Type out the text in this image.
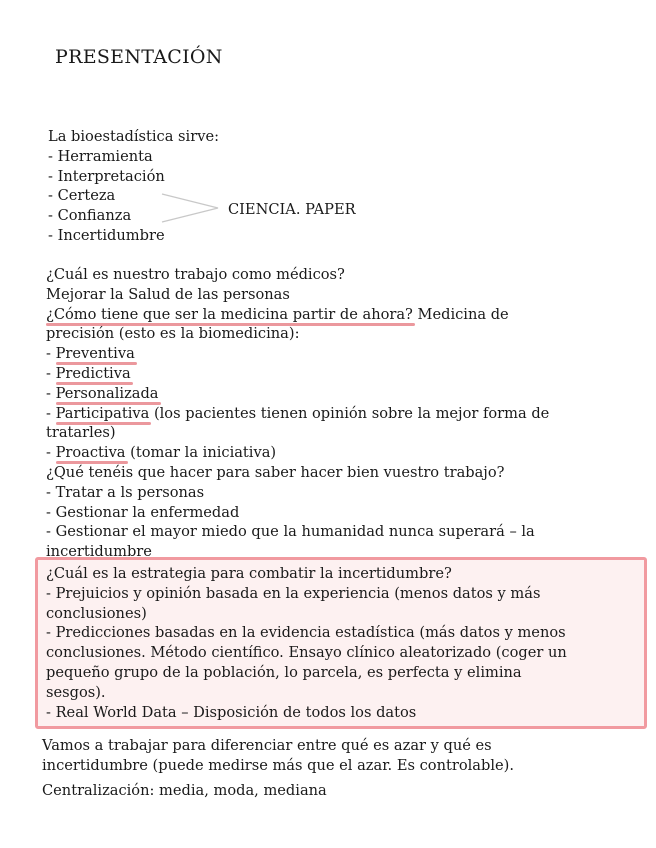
PRESENTACIÓN
La bioestadística sirve:
- Herramienta
- Interpretación
- Certeza
- Confianza
- Incertidumbre
CIENCIA. PAPER
¿Cuál es nuestro trabajo como médicos?
Mejorar la Salud de las personas
¿Cómo tiene que ser la medicina partir de ahora? Medicina de
precisión (esto es la biomedicina):
- Preventiva
- Predictiva
- Personalizada
- Participativa (los pacientes tienen opinión sobre la mejor forma de
tratarles)
- Proactiva (tomar la iniciativa)
¿Qué tenéis que hacer para saber hacer bien vuestro trabajo?
- Tratar a ls personas
- Gestionar la enfermedad
- Gestionar el mayor miedo que la humanidad nunca superará – la
incertidumbre
¿Cuál es la estrategia para combatir la incertidumbre?
- Prejuicios y opinión basada en la experiencia (menos datos y más
conclusiones)
- Predicciones basadas en la evidencia estadística (más datos y menos
conclusiones. Método científico. Ensayo clínico aleatorizado (coger un
pequeño grupo de la población, lo parcela, es perfecta y elimina
sesgos).
- Real World Data – Disposición de todos los datos
Vamos a trabajar para diferenciar entre qué es azar y qué es
incertidumbre (puede medirse más que el azar. Es controlable).
Centralización: media, moda, mediana
